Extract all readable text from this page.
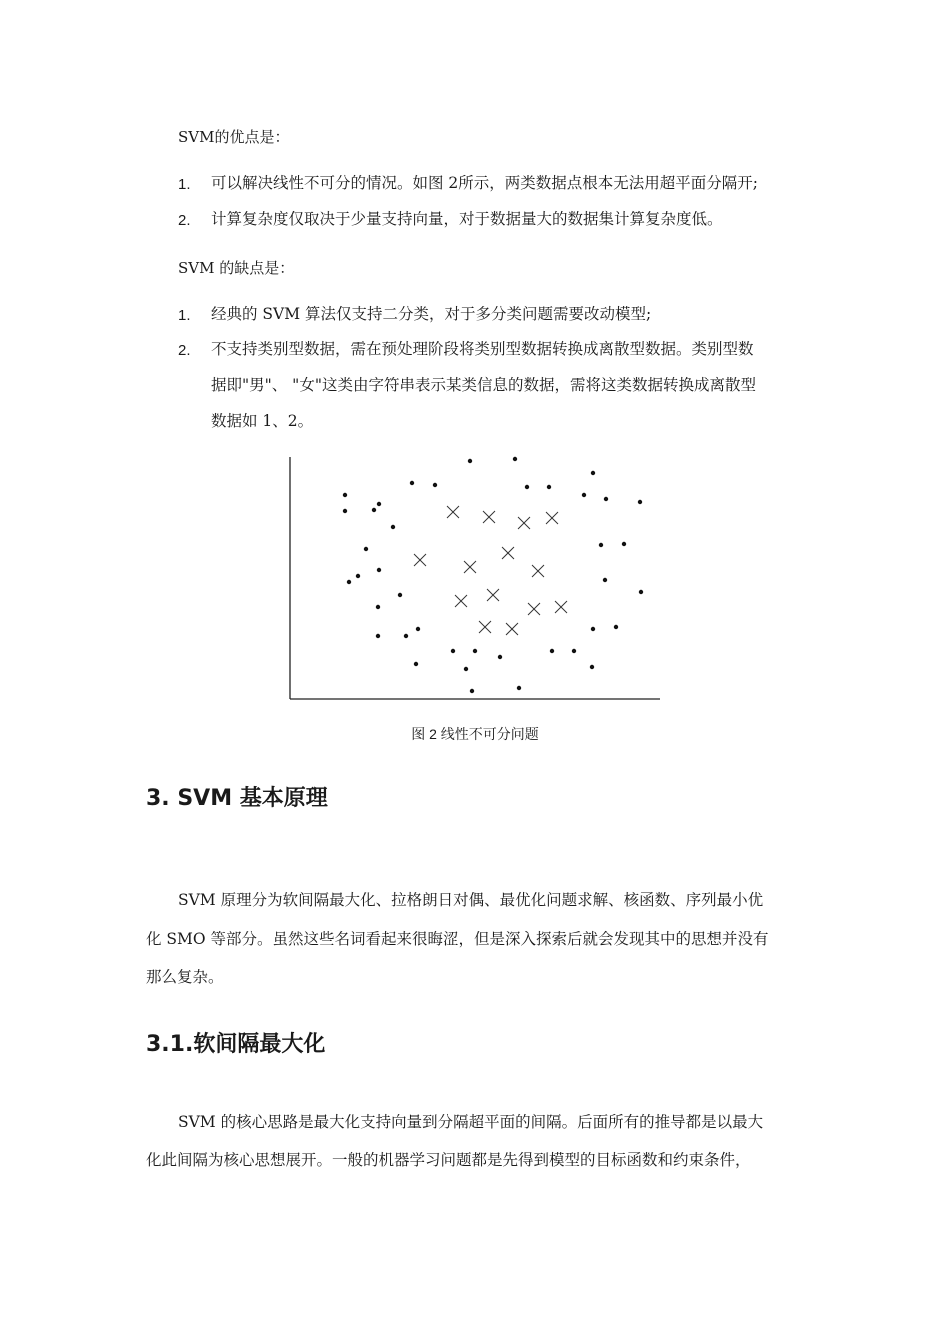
SVM的优点是：
1. 可以解决线性不可分的情况。如图 2所示，两类数据点根本无法用超平面分隔开;
2. 计算复杂度仅取决于少量支持向量，对于数据量大的数据集计算复杂度低。
SVM 的缺点是：
1. 经典的 SVM 算法仅支持二分类，对于多分类问题需要改动模型;
2. 不支持类别型数据，需在预处理阶段将类别型数据转换成离散型数据。类别型数
据即"男"、 "女"这类由字符串表示某类信息的数据，需将这类数据转换成离散型
数据如 1、2。
图 2 线性不可分问题
3. SVM 基本原理
SVM 原理分为软间隔最大化、拉格朗日对偶、最优化问题求解、核函数、序列最小优
化 SMO 等部分。虽然这些名词看起来很晦涩，但是深入探索后就会发现其中的思想并没有
那么复杂。
3.1.软间隔最大化
SVM 的核心思路是最大化支持向量到分隔超平面的间隔。后面所有的推导都是以最大
化此间隔为核心思想展开。一般的机器学习问题都是先得到模型的目标函数和约束条件，
